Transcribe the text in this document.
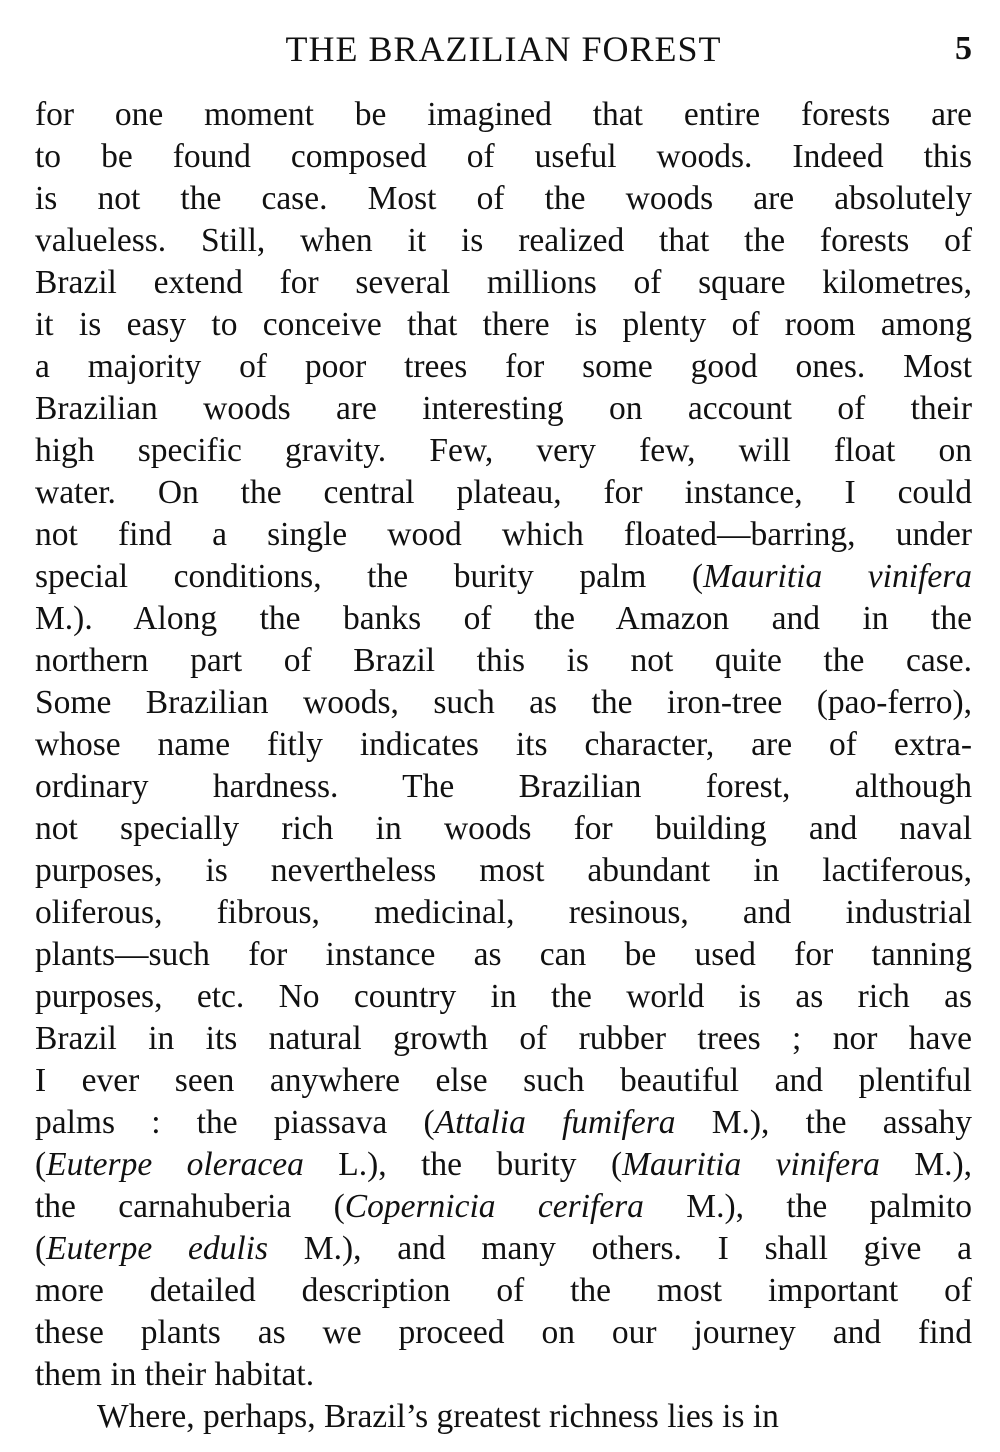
THE BRAZILIAN FOREST	5
for one moment be imagined that entire forests are
to be found composed of useful woods. Indeed this
is not the case. Most of the woods are absolutely
valueless. Still, when it is realized that the forests of
Brazil extend for several millions of square kilometres,
it is easy to conceive that there is plenty of room among
a majority of poor trees for some good ones. Most
Brazilian woods are interesting on account of their
high specific gravity. Few, very few, will float on
water. On the central plateau, for instance, I could
not find a single wood which floated—barring, under
special conditions, the burity palm (Mauritia vinifera
M.). Along the banks of the Amazon and in the
northern part of Brazil this is not quite the case.
Some Brazilian woods, such as the iron-tree (pao-ferro),
whose name fitly indicates its character, are of extra-
ordinary hardness. The Brazilian forest, although
not specially rich in woods for building and naval
purposes, is nevertheless most abundant in lactiferous,
oliferous, fibrous, medicinal, resinous, and industrial
plants—such for instance as can be used for tanning
purposes, etc. No country in the world is as rich as
Brazil in its natural growth of rubber trees ; nor have
I ever seen anywhere else such beautiful and plentiful
palms : the piassava (Attalia fumifera M.), the assahy
(Euterpe oleracea L.), the burity (Mauritia vinifera M.),
the carnahuberia (Copernicia cerifera M.), the palmito
(Euterpe edulis M.), and many others. I shall give a
more detailed description of the most important of
these plants as we proceed on our journey and find
them in their habitat.
Where, perhaps, Brazil’s greatest richness lies is in
